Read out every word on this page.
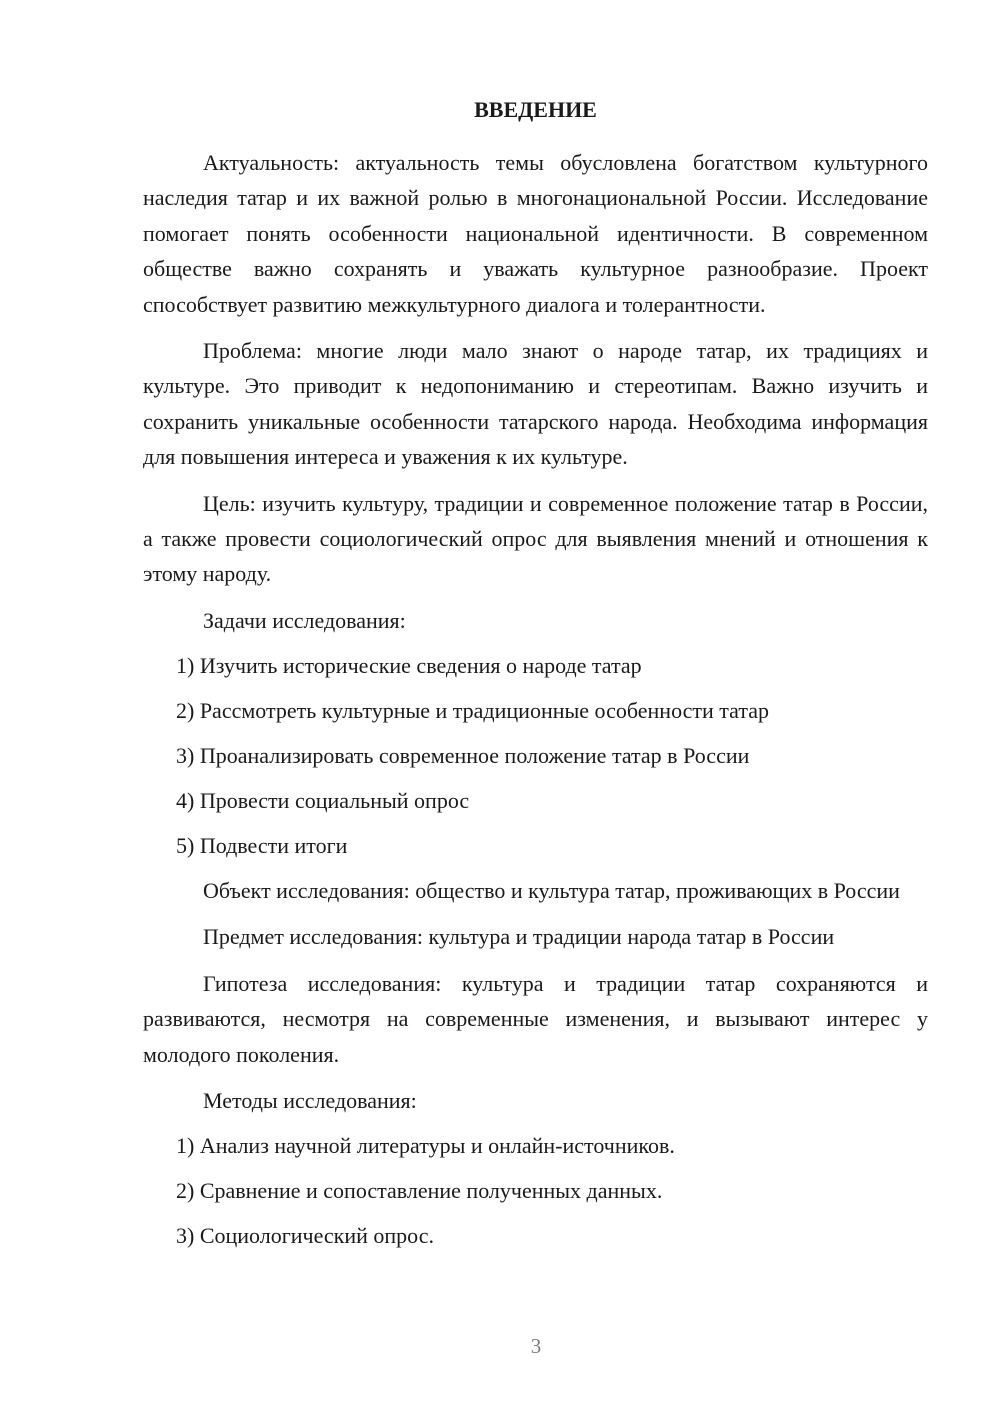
ВВЕДЕНИЕ

Актуальность: актуальность темы обусловлена богатством культурного наследия татар и их важной ролью в многонациональной России. Исследование помогает понять особенности национальной идентичности. В современном обществе важно сохранять и уважать культурное разнообразие. Проект способствует развитию межкультурного диалога и толерантности.

Проблема: многие люди мало знают о народе татар, их традициях и культуре. Это приводит к недопониманию и стереотипам. Важно изучить и сохранить уникальные особенности татарского народа. Необходима информация для повышения интереса и уважения к их культуре.

Цель: изучить культуру, традиции и современное положение татар в России, а также провести социологический опрос для выявления мнений и отношения к этому народу.

Задачи исследования:
1) Изучить исторические сведения о народе татар
2) Рассмотреть культурные и традиционные особенности татар
3) Проанализировать современное положение татар в России
4) Провести социальный опрос
5) Подвести итоги

Объект исследования: общество и культура татар, проживающих в России

Предмет исследования: культура и традиции народа татар в России

Гипотеза исследования: культура и традиции татар сохраняются и развиваются, несмотря на современные изменения, и вызывают интерес у молодого поколения.

Методы исследования:
1) Анализ научной литературы и онлайн-источников.
2) Сравнение и сопоставление полученных данных.
3) Социологический опрос.
3
